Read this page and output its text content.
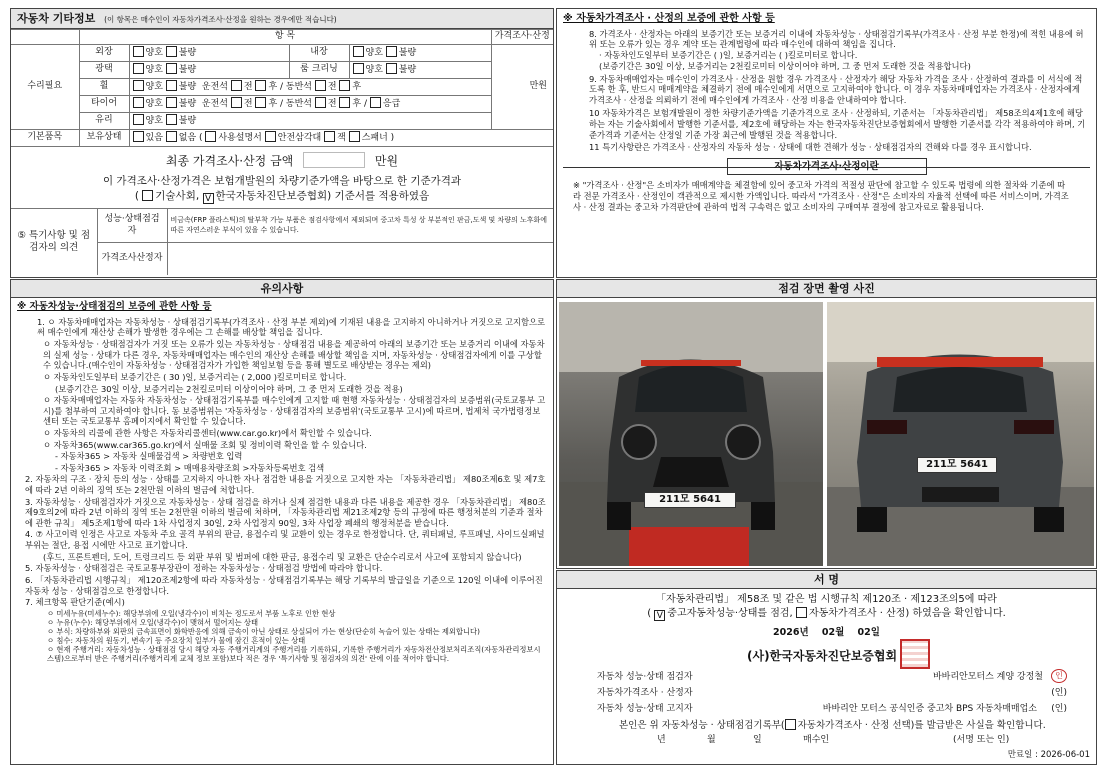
자동차 기타정보 (이 항목은 매수인이 자동차가격조사·산정을 원하는 경우에만 적습니다)
	항 목				가격조사·산정
수리필요	외장	양호 불량	내장	양호 불량	만원
	광택	양호 불량	룸 크리닝	양호 불량	
	휠	양호 불량 운전석 전 후 / 동반석 전 후			
	타이어	양호 불량 운전석 전 후 / 동반석 전 후 / 응급			
	유리	양호 불량			
기본품목	보유상태	있음 없음 ( 사용설명서 안전삼각대 잭 스패너 )			
최종 가격조사·산정 금액	만원
이 가격조사·산정가격은 보험개발원의 차량기준가액을 바탕으로 한 기준가격과
( 기술사회, V 한국자동차진단보증협회) 기준서를 적용하였음
⑤ 특기사항 및 점검자의 의견	성능·상태점검자	비금속(FRP 플라스틱)의 탈부착 가능 부품은 점검사항에서 제외되며 중고차 특성 상 부분적인 판금,도색 및 차량의 노후화에 따른 자연스러운 부식이 있을 수 있습니다.
	가격조사산정자	
※ 자동차가격조사 · 산정의 보증에 관한 사항 등
8. 가격조사 · 산정자는 아래의 보증기간 또는 보증거리 이내에 자동차성능 · 상태점검기록부(가격조사 · 산정 부분 한정)에 적힌 내용에 허위 또는 오류가 있는 경우 계약 또는 관계법령에 따라 매수인에 대하여 책임을 집니다.
· 자동차인도일부터 보증기간은 ( )일, 보증거리는 ( )킬로미터로 합니다.
(보증기간은 30일 이상, 보증거리는 2천킬로미터 이상이어야 하며, 그 중 먼저 도래한 것을 적용합니다)
9. 자동차매매업자는 매수인이 가격조사 · 산정을 원할 경우 가격조사 · 산정자가 해당 자동차 가격을 조사 · 산정하여 결과를 이 서식에 적도록 한 후, 반드시 매매계약을 체결하기 전에 매수인에게 서면으로 고지하여야 합니다. 이 경우 자동차매매업자는 가격조사 · 산정자에게 가격조사 · 산정을 의뢰하기 전에 매수인에게 가격조사 · 산정 비용을 안내하여야 합니다.
10 자동차가격은 보험개발원이 정한 차량기준가액을 기준가격으로 조사 · 산정하되, 기준서는 「자동차관리법」 제58조의4제1호에 해당하는 자는 기술사회에서 발행한 기준서를, 제2호에 해당하는 자는 한국자동차진단보증협회에서 발행한 기준서를 각각 적용하여야 하며, 기준가격과 기준서는 산정일 기준 가장 최근에 발행된 것을 적용합니다.
11 특기사항란은 가격조사 · 산정자의 자동차 성능 · 상태에 대한 견해가 성능 · 상태점검자의 견해와 다를 경우 표시합니다.
자동차가격조사·산정이란
※ "가격조사 · 산정"은 소비자가 매매계약을 체결함에 있어 중고차 가격의 적절성 판단에 참고할 수 있도록 법령에 의한 절차와 기준에 따라 전문 가격조사 · 산정인이 객관적으로 제시한 가액입니다. 따라서 "가격조사 · 산정"은 소비자의 자율적 선택에 따른 서비스이며, 가격조사 · 산정 결과는 중고차 가격판단에 관하여 법적 구속력은 없고 소비자의 구매여부 결정에 참고자료로 활용됩니다.
유의사항
※ 자동차성능·상태점검의 보증에 관한 사항 등
1. ㅇ 자동차매매업자는 자동차성능 · 상태점검기록부(가격조사 · 산정 부분 제외)에 기재된 내용을 고지하지 아니하거나 거짓으로 고지함으로써 매수인에게 재산상 손해가 발생한 경우에는 그 손해를 배상할 책임을 집니다.
ㅇ 자동차성능 · 상태점검자가 거짓 또는 오류가 있는 자동차성능 · 상태점검 내용을 제공하여 아래의 보증기간 또는 보증거리 이내에 자동차의 실제 성능 · 상태가 다른 경우, 자동차매매업자는 매수인의 재산상 손해를 배상할 책임을 지며, 자동차성능 · 상태점검자에게 이를 구상할 수 있습니다.(매수인이 자동차성능 · 상태점검자가 가입한 책임보험 등을 통해 별도로 배상받는 경우는 제외)
ㅇ 자동차인도일부터 보증기간은 ( 30 )일, 보증거리는 ( 2,000 )킬로미터로 합니다.
(보증기간은 30일 이상, 보증거리는 2천킬로미터 이상이어야 하며, 그 중 먼저 도래한 것을 적용)
ㅇ 자동차매매업자는 자동차 자동차성능 · 상태점검기록부를 매수인에게 고지할 때 현행 자동차성능 · 상태점검자의 보증범위(국토교통부 고시)를 첨부하여 고지하여야 합니다. 동 보증범위는 '자동차성능 · 상태점검자의 보증범위'(국토교통부 고시)에 따르며, 법제처 국가법령정보센터 또는 국토교통부 홈페이지에서 확인할 수 있습니다.
ㅇ 자동차의 리콜에 관한 사항은 자동차리콜센터(www.car.go.kr)에서 확인할 수 있습니다.
ㅇ 자동차365(www.car365.go.kr)에서 실매물 조회 및 정비이력 확인을 할 수 있습니다.
- 자동차365 > 자동차 실매물검색 > 차량번호 입력
- 자동차365 > 자동차 이력조회 > 매매용차량조회 >자동차등록번호 검색
2. 자동차의 구조 · 장치 등의 성능 · 상태를 고지하지 아니한 자나 점검한 내용을 거짓으로 고지한 자는 「자동차관리법」 제80조제6호 및 제7호에 따라 2년 이하의 징역 또는 2천만원 이하의 벌금에 처합니다.
3. 자동차성능 · 상태점검자가 거짓으로 자동차성능 · 상태 점검을 하거나 실제 점검한 내용과 다른 내용을 제공한 경우 「자동차관리법」 제80조제9호의2에 따라 2년 이하의 징역 또는 2천만원 이하의 벌금에 처하며, 「자동차관리법 제21조제2항 등의 규정에 따른 행정처분의 기준과 절차에 관한 규칙」 제5조제1항에 따라 1차 사업정지 30일, 2차 사업정지 90일, 3차 사업장 폐쇄의 행정처분을 받습니다.
4. ⑦ 사고이력 인정은 사고로 자동차 주요 골격 부위의 판금, 용접수리 및 교환이 있는 경우로 한정합니다. 단, 쿼터패널, 루프패널, 사이드실패널 부위는 절단, 용접 시에만 사고로 표기합니다.
(후드, 프론트펜더, 도어, 트렁크리드 등 외판 부위 및 범퍼에 대한 판금, 용접수리 및 교환은 단순수리로서 사고에 포함되지 않습니다)
5. 자동차성능 · 상태점검은 국토교통부장관이 정하는 자동차성능 · 상태점검 방법에 따라야 합니다.
6. 「자동차관리법 시행규칙」 제120조제2항에 따라 자동차성능 · 상태점검기록부는 해당 기록부의 발급일을 기준으로 120일 이내에 이루어진 자동차 성능 · 상태점검으로 한정합니다.
7. 체크항목 판단기준(예시)
ㅇ 미세누유(미세누수): 해당부위에 오일(냉각수)이 비치는 정도로서 부품 노후로 인한 현상
ㅇ 누유(누수): 해당부위에서 오일(냉각수)이 맺혀서 떨어지는 상태
ㅇ 부식: 차량하부와 외판의 금속표면이 화학반응에 의해 금속이 아닌 상태로 상실되어 가는 현상(단순히 녹슬어 있는 상태는 제외합니다)
ㅇ 침수: 자동차의 원동기, 변속기 등 주요장치 일부가 물에 잠긴 흔적이 있는 상태
ㅇ 현재 주행거리: 자동차성능 · 상태점검 당시 해당 자동 주행거리계의 주행거리를 기록하되, 기록한 주행거리가 자동차전산정보처리조직(자동차관리정보시스템)으로부터 받은 주행거리(주행거리계 교체 정보 포함)보다 적은 경우 '특기사항 및 점검자의 의견' 란에 이를 적어야 합니다.
점검 장면 촬영 사진
211모 5641
211모 5641
서 명
「자동차관리법」 제58조 및 같은 법 시행규칙 제120조 · 제123조의5에 따라
( V중고자동차성능·상태를 점검, 자동차가격조사 · 산정) 하였음을 확인합니다.
2026년 02월 02일
(사)한국자동차진단보증협회
자동차 성능·상태 점검자	바바리안모터스 계양 강정철	인
자동차가격조사 · 산정자	(인)
자동차 성능·상태 고지자	바바리안 모터스 공식인증 중고차 BPS 자동차매매업소	(인)
본인은 위 자동차성능 · 상태점검기록부( 자동차가격조사 · 산정 선택)를 발급받은 사실을 확인합니다.
년	월	일	매수인	(서명 또는 인)
만료일 : 2026-06-01
